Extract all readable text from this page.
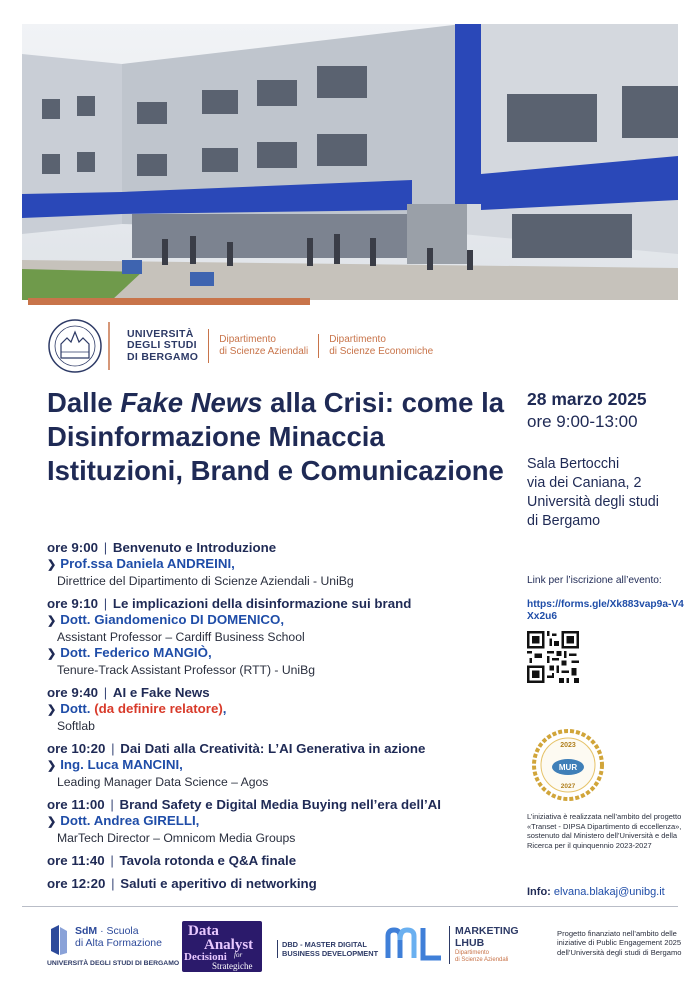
UNIVERSITÀ
DEGLI STUDI
DI BERGAMO
Dipartimento
di Scienze Aziendali
Dipartimento
di Scienze Economiche
Dalle Fake News alla Crisi: come la Disinformazione Minaccia Istituzioni, Brand e Comunicazione
ore 9:00 | Benvenuto e Introduzione
❯ Prof.ssa Daniela ANDREINI,
Direttrice del Dipartimento di Scienze Aziendali - UniBg
ore 9:10 | Le implicazioni della disinformazione sui brand
❯ Dott. Giandomenico DI DOMENICO,
Assistant Professor – Cardiff Business School
❯ Dott. Federico MANGIÒ,
Tenure-Track Assistant Professor (RTT) - UniBg
ore 9:40 | AI e Fake News
❯ Dott. (da definire relatore),
Softlab
ore 10:20 | Dai Dati alla Creatività: L’AI Generativa in azione
❯ Ing. Luca MANCINI,
Leading Manager Data Science – Agos
ore 11:00 | Brand Safety e Digital Media Buying nell’era dell’AI
❯ Dott. Andrea GIRELLI,
MarTech Director – Omnicom Media Groups
ore 11:40 | Tavola rotonda e Q&A finale
ore 12:20 | Saluti e aperitivo di networking
28 marzo 2025
ore 9:00-13:00
Sala Bertocchi
via dei Caniana, 2
Università degli studi
di Bergamo
Link per l’iscrizione all’evento:
https://forms.gle/Xk883vap9a-V4Xx2u6
2023
MUR
2027
L’iniziativa è realizzata nell’ambito del progetto «Transet - DIPSA Dipartimento di eccellenza», sostenuto dal Ministero dell’Università e della Ricerca per il quinquennio 2023-2027
Info: elvana.blakaj@unibg.it
SdM · Scuola
di Alta Formazione
UNIVERSITÀ DEGLI STUDI DI BERGAMO
Data
Analyst
for
Decisioni
Strategiche
DBD - MASTER DIGITAL
BUSINESS DEVELOPMENT
MARKETING
LHUB
Dipartimento
di Scienze Aziendali
Progetto finanziato nell’ambito delle iniziative di Public Engagement 2025 dell’Università degli studi di Bergamo
